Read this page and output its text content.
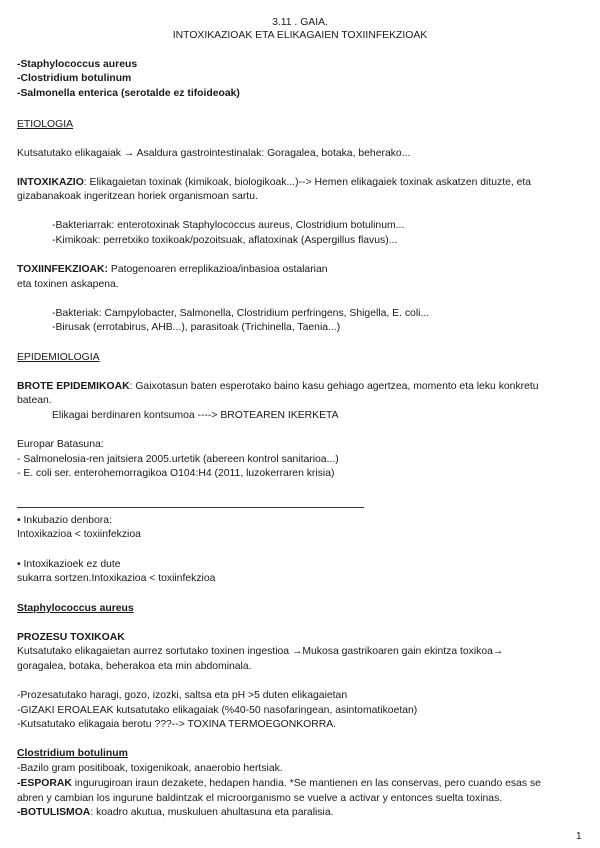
3.11 . GAIA.
INTOXIKAZIOAK ETA ELIKAGAIEN TOXIINFEKZIOAK
-Staphylococcus aureus
-Clostridium botulinum
-Salmonella enterica (serotalde ez tifoideoak)
ETIOLOGIA
Kutsatutako elikagaiak → Asaldura gastrointestinalak: Goragalea, botaka, beherako...
INTOXIKAZIO: Elikagaietan toxinak (kimikoak, biologikoak...)--> Hemen elikagaiek toxinak askatzen dituzte, eta
gizabanakoak ingeritzean horiek organismoan sartu.
-Bakteriarrak: enterotoxinak Staphylococcus aureus, Clostridium botulinum...
-Kimikoak: perretxiko toxikoak/pozoitsuak, aflatoxinak (Aspergillus flavus)...
TOXIINFEKZIOAK: Patogenoaren erreplikazioa/inbasioa ostalarian
eta toxinen askapena.
-Bakteriak: Campylobacter, Salmonella, Clostridium perfringens, Shigella, E. coli...
-Birusak (errotabirus, AHB...), parasitoak (Trichinella, Taenia...)
EPIDEMIOLOGIA
BROTE EPIDEMIKOAK: Gaixotasun baten esperotako baino kasu gehiago agertzea, momento eta leku konkretu
batean.
Elikagai berdinaren kontsumoa ----> BROTEAREN IKERKETA
Europar Batasuna:
- Salmonelosia-ren jaitsiera 2005.urtetik (abereen kontrol sanitarioa...)
- E. coli ser. enterohemorragikoa O104:H4 (2011, luzokerraren krisia)
• Inkubazio denbora:
Intoxikazioa < toxiinfekzioa
• Intoxikazioek ez dute
sukarra sortzen.Intoxikazioa < toxiinfekzioa
Staphylococcus aureus
PROZESU TOXIKOAK
Kutsatutako elikagaietan aurrez sortutako toxinen ingestioa →Mukosa gastrikoaren gain ekintza toxikoa→
goragalea, botaka, beherakoa eta min abdominala.
-Prozesatutako haragi, gozo, izozki, saltsa eta pH >5 duten elikagaietan
-GIZAKI EROALEAK kutsatutako elikagaiak (%40-50 nasofaringean, asintomatikoetan)
-Kutsatutako elikagaia berotu ???--> TOXINA TERMOEGONKORRA.
Clostridium botulinum
-Bazilo gram positiboak, toxigenikoak, anaerobio hertsiak.
-ESPORAK ingurugiroan iraun dezakete, hedapen handia. *Se mantienen en las conservas, pero cuando esas se
abren y cambian los ingurune baldintzak el microorganismo se vuelve a activar y entonces suelta toxinas.
-BOTULISMOA: koadro akutua, muskuluen ahultasuna eta paralisia.
1
